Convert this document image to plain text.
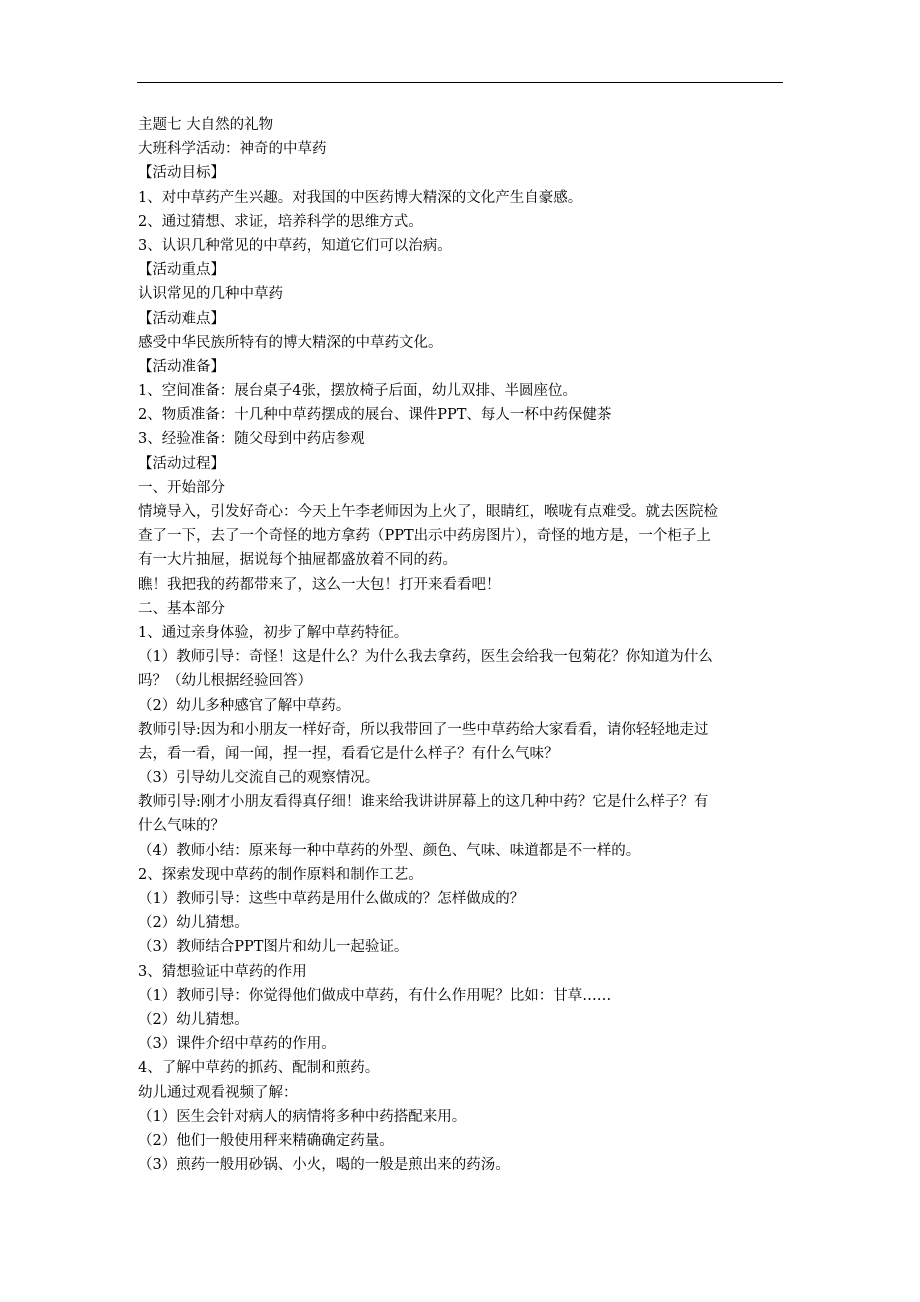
主题七 大自然的礼物
大班科学活动：神奇的中草药
【活动目标】
1、对中草药产生兴趣。对我国的中医药博大精深的文化产生自豪感。
2、通过猜想、求证，培养科学的思维方式。
3、认识几种常见的中草药，知道它们可以治病。
【活动重点】
认识常见的几种中草药
【活动难点】
感受中华民族所特有的博大精深的中草药文化。
【活动准备】
1、空间准备：展台桌子4张，摆放椅子后面，幼儿双排、半圆座位。
2、物质准备：十几种中草药摆成的展台、课件PPT、每人一杯中药保健茶
3、经验准备：随父母到中药店参观
【活动过程】
一、开始部分
情境导入，引发好奇心：今天上午李老师因为上火了，眼睛红，喉咙有点难受。就去医院检
查了一下，去了一个奇怪的地方拿药（PPT出示中药房图片），奇怪的地方是，一个柜子上
有一大片抽屉，据说每个抽屉都盛放着不同的药。
瞧！我把我的药都带来了，这么一大包！打开来看看吧！
二、基本部分
1、通过亲身体验，初步了解中草药特征。
（1）教师引导：奇怪！这是什么？为什么我去拿药，医生会给我一包菊花？你知道为什么
吗？（幼儿根据经验回答）
（2）幼儿多种感官了解中草药。
教师引导:因为和小朋友一样好奇，所以我带回了一些中草药给大家看看，请你轻轻地走过
去，看一看，闻一闻，捏一捏，看看它是什么样子？有什么气味？
（3）引导幼儿交流自己的观察情况。
教师引导:刚才小朋友看得真仔细！谁来给我讲讲屏幕上的这几种中药？它是什么样子？有
什么气味的？
（4）教师小结：原来每一种中草药的外型、颜色、气味、味道都是不一样的。
2、探索发现中草药的制作原料和制作工艺。
（1）教师引导：这些中草药是用什么做成的？怎样做成的？
（2）幼儿猜想。
（3）教师结合PPT图片和幼儿一起验证。
3、猜想验证中草药的作用
（1）教师引导：你觉得他们做成中草药，有什么作用呢？比如：甘草……
（2）幼儿猜想。
（3）课件介绍中草药的作用。
4、了解中草药的抓药、配制和煎药。
幼儿通过观看视频了解：
（1）医生会针对病人的病情将多种中药搭配来用。
（2）他们一般使用秤来精确确定药量。
（3）煎药一般用砂锅、小火，喝的一般是煎出来的药汤。
